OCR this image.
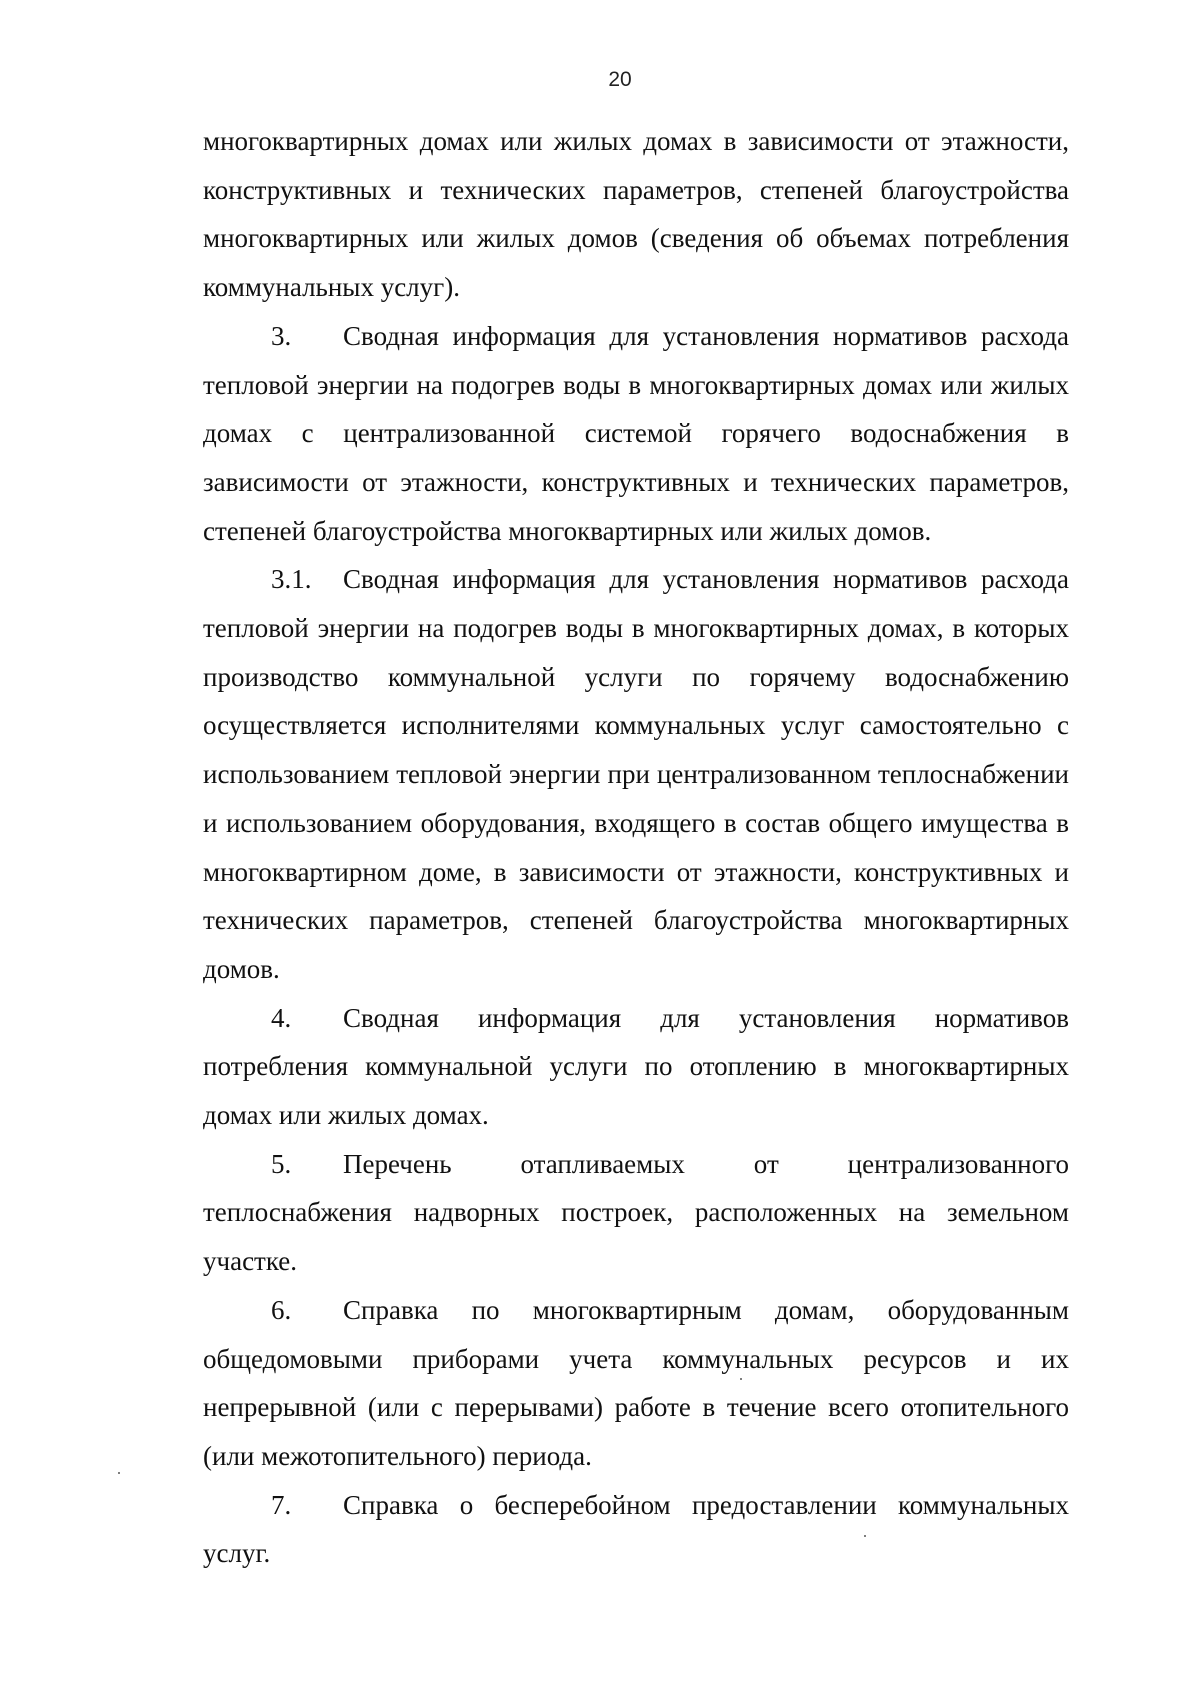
20

многоквартирных домах или жилых домах в зависимости от этажности, конструктивных и технических параметров, степеней благоустройства многоквартирных или жилых домов (сведения об объемах потребления коммунальных услуг).

3. Сводная информация для установления нормативов расхода тепловой энергии на подогрев воды в многоквартирных домах или жилых домах с централизованной системой горячего водоснабжения в зависимости от этажности, конструктивных и технических параметров, степеней благоустройства многоквартирных или жилых домов.

3.1. Сводная информация для установления нормативов расхода тепловой энергии на подогрев воды в многоквартирных домах, в которых производство коммунальной услуги по горячему водоснабжению осуществляется исполнителями коммунальных услуг самостоятельно с использованием тепловой энергии при централизованном теплоснабжении и использованием оборудования, входящего в состав общего имущества в многоквартирном доме, в зависимости от этажности, конструктивных и технических параметров, степеней благоустройства многоквартирных домов.

4. Сводная информация для установления нормативов потребления коммунальной услуги по отоплению в многоквартирных домах или жилых домах.

5. Перечень отапливаемых от централизованного теплоснабжения надворных построек, расположенных на земельном участке.

6. Справка по многоквартирным домам, оборудованным общедомовыми приборами учета коммунальных ресурсов и их непрерывной (или с перерывами) работе в течение всего отопительного (или межотопительного) периода.

7. Справка о бесперебойном предоставлении коммунальных услуг.
